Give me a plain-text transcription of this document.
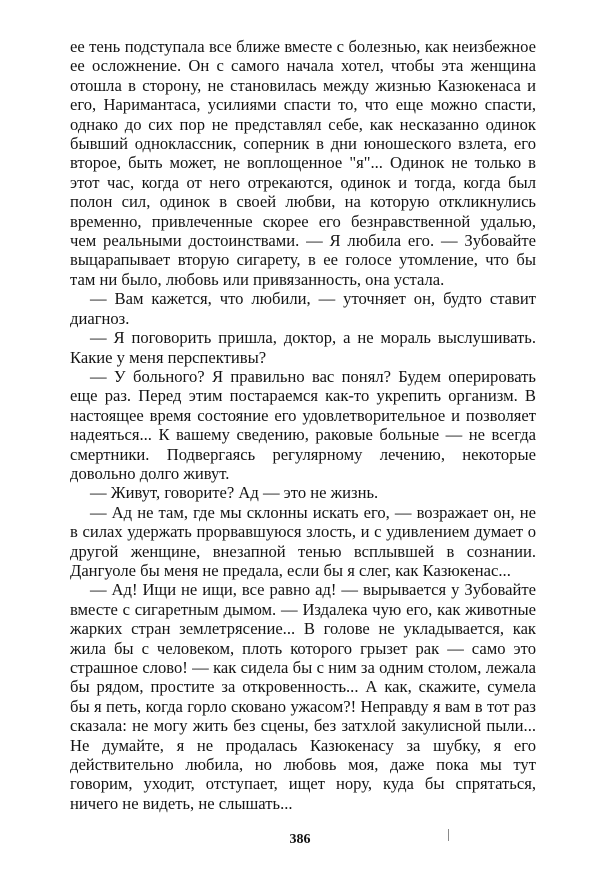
ее тень подступала все ближе вместе с болезнью, как неизбежное ее осложнение. Он с самого начала хотел, чтобы эта женщина отошла в сторону, не становилась между жизнью Казюкенаса и его, Наримантаса, усилиями спасти то, что еще можно спасти, однако до сих пор не представлял себе, как несказанно одинок бывший одноклассник, соперник в дни юношеского взлета, его второе, быть может, не воплощенное "я"... Одинок не только в этот час, когда от него отрекаются, одинок и тогда, когда был полон сил, одинок в своей любви, на которую откликнулись временно, привлеченные скорее его безнравственной удалью, чем реальными достоинствами. — Я любила его. — Зубовайте выцарапывает вторую сигарету, в ее голосе утомление, что бы там ни было, любовь или привязанность, она устала.

— Вам кажется, что любили, — уточняет он, будто ставит диагноз.

— Я поговорить пришла, доктор, а не мораль выслушивать. Какие у меня перспективы?

— У больного? Я правильно вас понял? Будем оперировать еще раз. Перед этим постараемся как-то укрепить организм. В настоящее время состояние его удовлетворительное и позволяет надеяться... К вашему сведению, раковые больные — не всегда смертники. Подвергаясь регулярному лечению, некоторые довольно долго живут.

— Живут, говорите? Ад — это не жизнь.

— Ад не там, где мы склонны искать его, — возражает он, не в силах удержать прорвавшуюся злость, и с удивлением думает о другой женщине, внезапной тенью всплывшей в сознании. Дангуоле бы меня не предала, если бы я слег, как Казюкенас...

— Ад! Ищи не ищи, все равно ад! — вырывается у Зубовайте вместе с сигаретным дымом. — Издалека чую его, как животные жарких стран землетрясение... В голове не укладывается, как жила бы с человеком, плоть которого грызет рак — само это страшное слово! — как сидела бы с ним за одним столом, лежала бы рядом, простите за откровенность... А как, скажите, сумела бы я петь, когда горло сковано ужасом?! Неправду я вам в тот раз сказала: не могу жить без сцены, без затхлой закулисной пыли... Не думайте, я не продалась Казюкенасу за шубку, я его действительно любила, но любовь моя, даже пока мы тут говорим, уходит, отступает, ищет нору, куда бы спрятаться, ничего не видеть, не слышать...

386
